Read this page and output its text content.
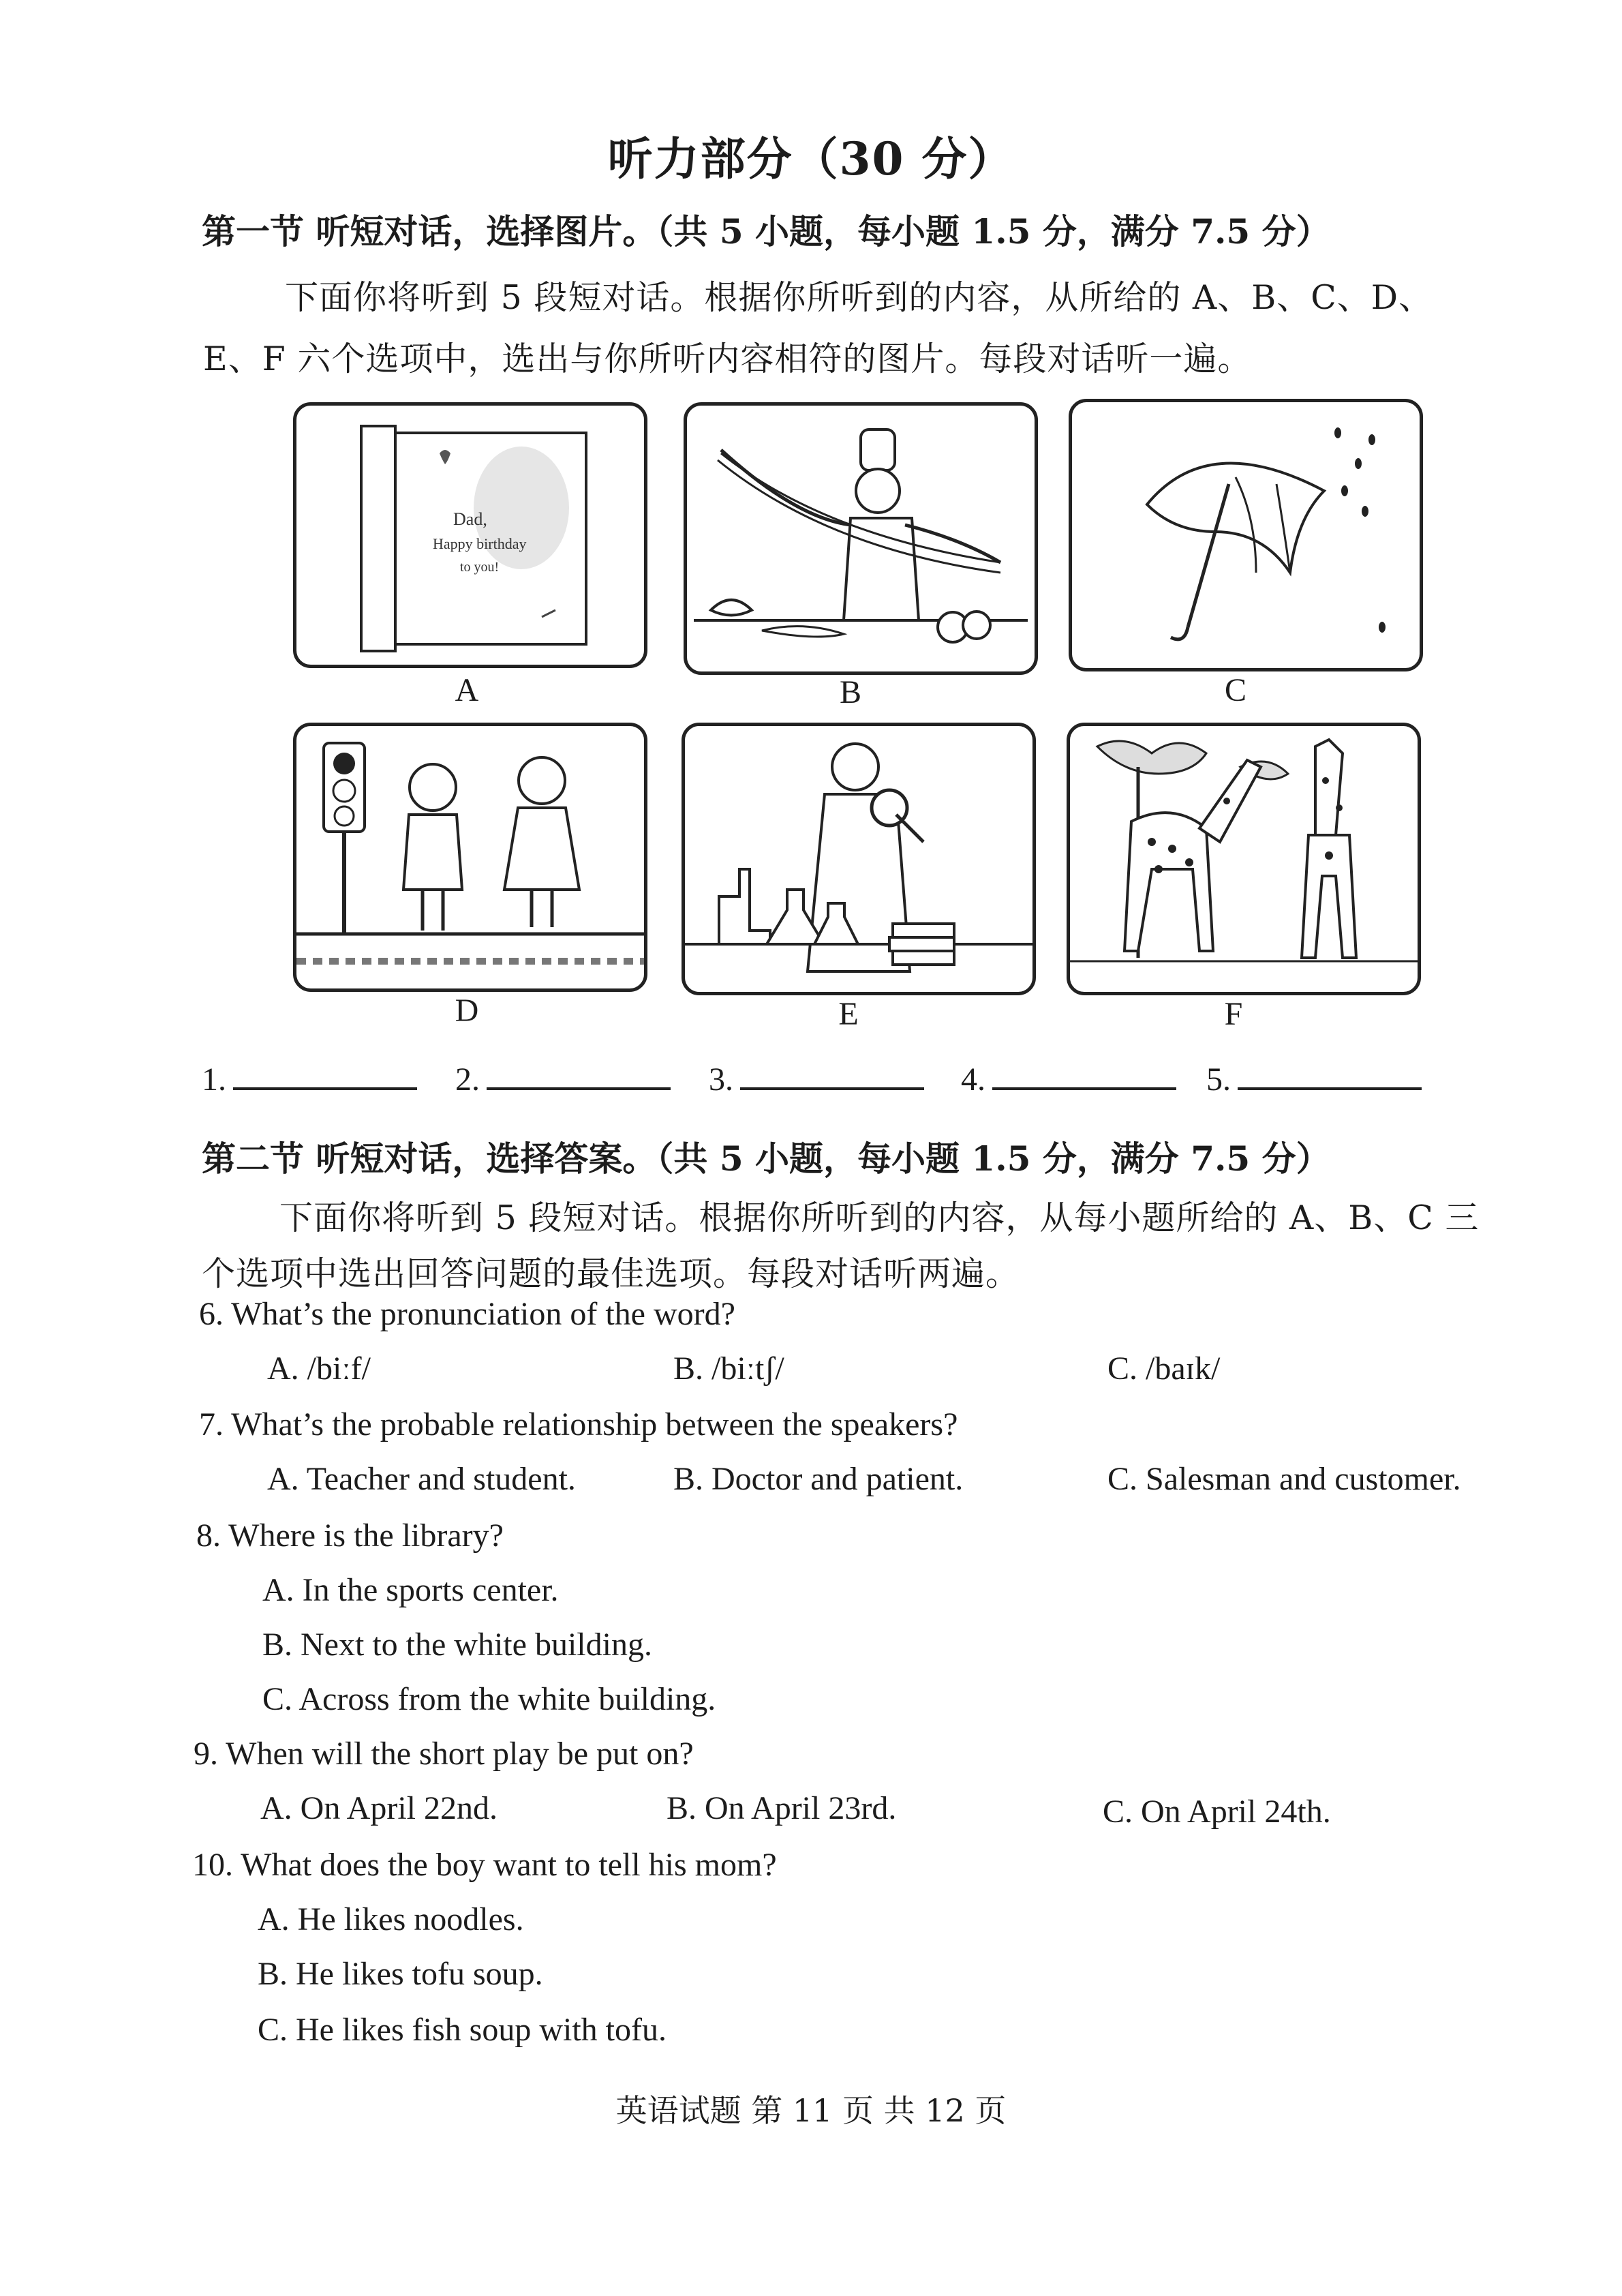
听力部分（30 分）
第一节 听短对话，选择图片。（共 5 小题，每小题 1.5 分，满分 7.5 分）
下面你将听到 5 段短对话。根据你所听到的内容，从所给的 A、B、C、D、
E、F 六个选项中，选出与你所听内容相符的图片。每段对话听一遍。
Dad,
Happy birthday
to you!
A	B	C
D	E	F
1.	2.	3.	4.	5.
第二节 听短对话，选择答案。（共 5 小题，每小题 1.5 分，满分 7.5 分）
下面你将听到 5 段短对话。根据你所听到的内容，从每小题所给的 A、B、C 三
个选项中选出回答问题的最佳选项。每段对话听两遍。
6. What’s the pronunciation of the word?
A. /biːf/	B. /biːtʃ/	C. /baɪk/
7. What’s the probable relationship between the speakers?
A. Teacher and student.	B. Doctor and patient.	C. Salesman and customer.
8. Where is the library?
A. In the sports center.
B. Next to the white building.
C. Across from the white building.
9. When will the short play be put on?
A. On April 22nd.	B. On April 23rd.	C. On April 24th.
10. What does the boy want to tell his mom?
A. He likes noodles.
B. He likes tofu soup.
C. He likes fish soup with tofu.
英语试题 第 11 页 共 12 页
